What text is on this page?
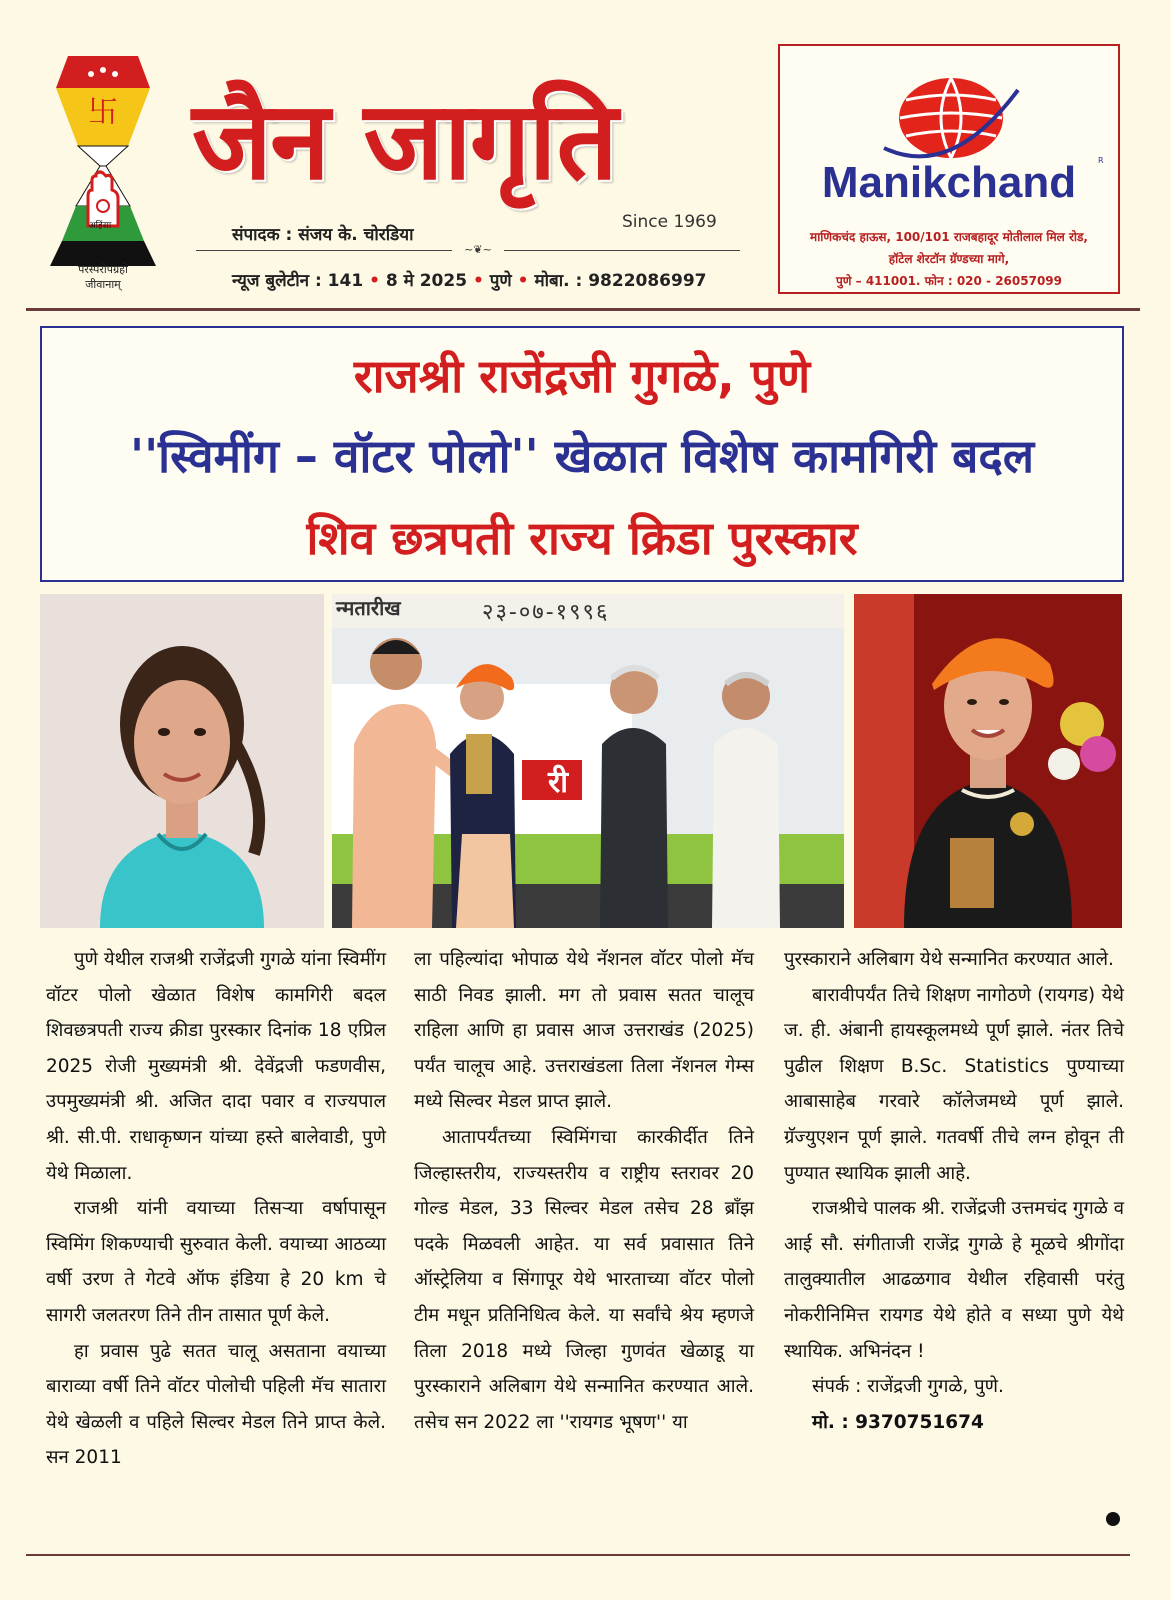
卐
अहिंसा
परस्परोपग्रहो
जीवानाम्
जैन जागृति
Since 1969
संपादक : संजय के. चोरडिया
~❦~
न्यूज बुलेटीन : 141 • 8 मे 2025 • पुणे • मोबा. : 9822086997
Manikchand	R
माणिकचंद हाऊस, 100/101 राजबहादूर मोतीलाल मिल रोड,
हॉटेल शेरटॉन ग्रॅण्डच्या मागे,
पुणे – 411001. फोन : 020 - 26057099
राजश्री राजेंद्रजी गुगळे, पुणे
''स्विमींग – वॉटर पोलो'' खेळात विशेष कामगिरी बदल
शिव छत्रपती राज्य क्रिडा पुरस्कार
न्मतारीख	२३-०७-१९९६
री

पुणे येथील राजश्री राजेंद्रजी गुगळे यांना स्विमींग वॉटर पोलो खेळात विशेष कामगिरी बदल शिवछत्रपती राज्य क्रीडा पुरस्कार दिनांक 18 एप्रिल 2025 रोजी मुख्यमंत्री श्री. देवेंद्रजी फडणवीस, उपमुख्यमंत्री श्री. अजित दादा पवार व राज्यपाल श्री. सी.पी. राधाकृष्णन यांच्या हस्ते बालेवाडी, पुणे येथे मिळाला.

राजश्री यांनी वयाच्या तिसऱ्या वर्षापासून स्विमिंग शिकण्याची सुरुवात केली. वयाच्या आठव्या वर्षी उरण ते गेटवे ऑफ इंडिया हे 20 km चे सागरी जलतरण तिने तीन तासात पूर्ण केले.

हा प्रवास पुढे सतत चालू असताना वयाच्या बाराव्या वर्षी तिने वॉटर पोलोची पहिली मॅच सातारा येथे खेळली व पहिले सिल्वर मेडल तिने प्राप्त केले. सन 2011

ला पहिल्यांदा भोपाळ येथे नॅशनल वॉटर पोलो मॅच साठी निवड झाली. मग तो प्रवास सतत चालूच राहिला आणि हा प्रवास आज उत्तराखंड (2025) पर्यंत चालूच आहे. उत्तराखंडला तिला नॅशनल गेम्स मध्ये सिल्वर मेडल प्राप्त झाले.

आतापर्यंतच्या स्विमिंगचा कारकीर्दीत तिने जिल्हास्तरीय, राज्यस्तरीय व राष्ट्रीय स्तरावर 20 गोल्ड मेडल, 33 सिल्वर मेडल तसेच 28 ब्राँझ पदके मिळवली आहेत. या सर्व प्रवासात तिने ऑस्ट्रेलिया व सिंगापूर येथे भारताच्या वॉटर पोलो टीम मधून प्रतिनिधित्व केले. या सर्वांचे श्रेय म्हणजे तिला 2018 मध्ये जिल्हा गुणवंत खेळाडू या पुरस्काराने अलिबाग येथे सन्मानित करण्यात आले. तसेच सन 2022 ला ''रायगड भूषण'' या

पुरस्काराने अलिबाग येथे सन्मानित करण्यात आले.

बारावीपर्यंत तिचे शिक्षण नागोठणे (रायगड) येथे ज. ही. अंबानी हायस्कूलमध्ये पूर्ण झाले. नंतर तिचे पुढील शिक्षण B.Sc. Statistics पुण्याच्या आबासाहेब गरवारे कॉलेजमध्ये पूर्ण झाले. ग्रॅज्युएशन पूर्ण झाले. गतवर्षी तीचे लग्न होवून ती पुण्यात स्थायिक झाली आहे.

राजश्रीचे पालक श्री. राजेंद्रजी उत्तमचंद गुगळे व आई सौ. संगीताजी राजेंद्र गुगळे हे मूळचे श्रीगोंदा तालुक्यातील आढळगाव येथील रहिवासी परंतु नोकरीनिमित्त रायगड येथे होते व सध्या पुणे येथे स्थायिक. अभिनंदन !

संपर्क : राजेंद्रजी गुगळे, पुणे.

मो. : 9370751674
